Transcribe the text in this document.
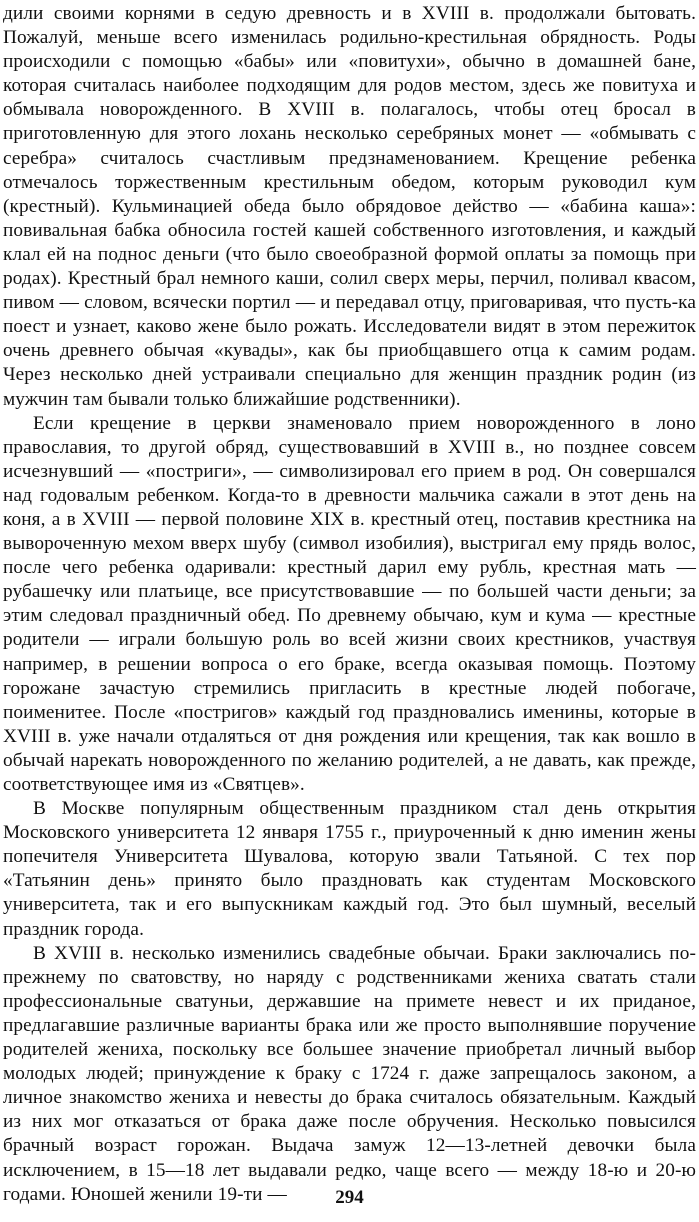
дили своими корнями в седую древность и в XVIII в. продолжали бытовать. Пожалуй, меньше всего изменилась родильно-крестильная обрядность. Роды происходили с помощью «бабы» или «повитухи», обычно в домашней бане, которая считалась наиболее подходящим для родов местом, здесь же повитуха и обмывала новорожденного. В XVIII в. полагалось, чтобы отец бросал в приготовленную для этого лохань несколько серебряных монет — «обмывать с серебра» считалось счастливым предзнаменованием. Крещение ребенка отмечалось торжественным крестильным обедом, которым руководил кум (крестный). Кульминацией обеда было обрядовое действо — «бабина каша»: повивальная бабка обносила гостей кашей собственного изготовления, и каждый клал ей на поднос деньги (что было своеобразной формой оплаты за помощь при родах). Крестный брал немного каши, солил сверх меры, перчил, поливал квасом, пивом — словом, всячески портил — и передавал отцу, приговаривая, что пусть-ка поест и узнает, каково жене было рожать. Исследователи видят в этом пережиток очень древнего обычая «кувады», как бы приобщавшего отца к самим родам. Через несколько дней устраивали специально для женщин праздник родин (из мужчин там бывали только ближайшие родственники).

Если крещение в церкви знаменовало прием новорожденного в лоно православия, то другой обряд, существовавший в XVIII в., но позднее совсем исчезнувший — «постриги», — символизировал его прием в род. Он совершался над годовалым ребенком. Когда-то в древности мальчика сажали в этот день на коня, а в XVIII — первой половине XIX в. крестный отец, поставив крестника на вывороченную мехом вверх шубу (символ изобилия), выстригал ему прядь волос, после чего ребенка одаривали: крестный дарил ему рубль, крестная мать — рубашечку или платьице, все присутствовавшие — по большей части деньги; за этим следовал праздничный обед. По древнему обычаю, кум и кума — крестные родители — играли большую роль во всей жизни своих крестников, участвуя например, в решении вопроса о его браке, всегда оказывая помощь. Поэтому горожане зачастую стремились пригласить в крестные людей побогаче, поименитее. После «постригов» каждый год праздновались именины, которые в XVIII в. уже начали отдаляться от дня рождения или крещения, так как вошло в обычай нарекать новорожденного по желанию родителей, а не давать, как прежде, соответствующее имя из «Святцев».

В Москве популярным общественным праздником стал день открытия Московского университета 12 января 1755 г., приуроченный к дню именин жены попечителя Университета Шувалова, которую звали Татьяной. С тех пор «Татьянин день» принято было праздновать как студентам Московского университета, так и его выпускникам каждый год. Это был шумный, веселый праздник города.

В XVIII в. несколько изменились свадебные обычаи. Браки заключались по-прежнему по сватовству, но наряду с родственниками жениха сватать стали профессиональные сватуньи, державшие на примете невест и их приданое, предлагавшие различные варианты брака или же просто выполнявшие поручение родителей жениха, поскольку все большее значение приобретал личный выбор молодых людей; принуждение к браку с 1724 г. даже запрещалось законом, а личное знакомство жениха и невесты до брака считалось обязательным. Каждый из них мог отказаться от брака даже после обручения. Несколько повысился брачный возраст горожан. Выдача замуж 12—13-летней девочки была исключением, в 15—18 лет выдавали редко, чаще всего — между 18-ю и 20-ю годами. Юношей женили 19-ти —	294
